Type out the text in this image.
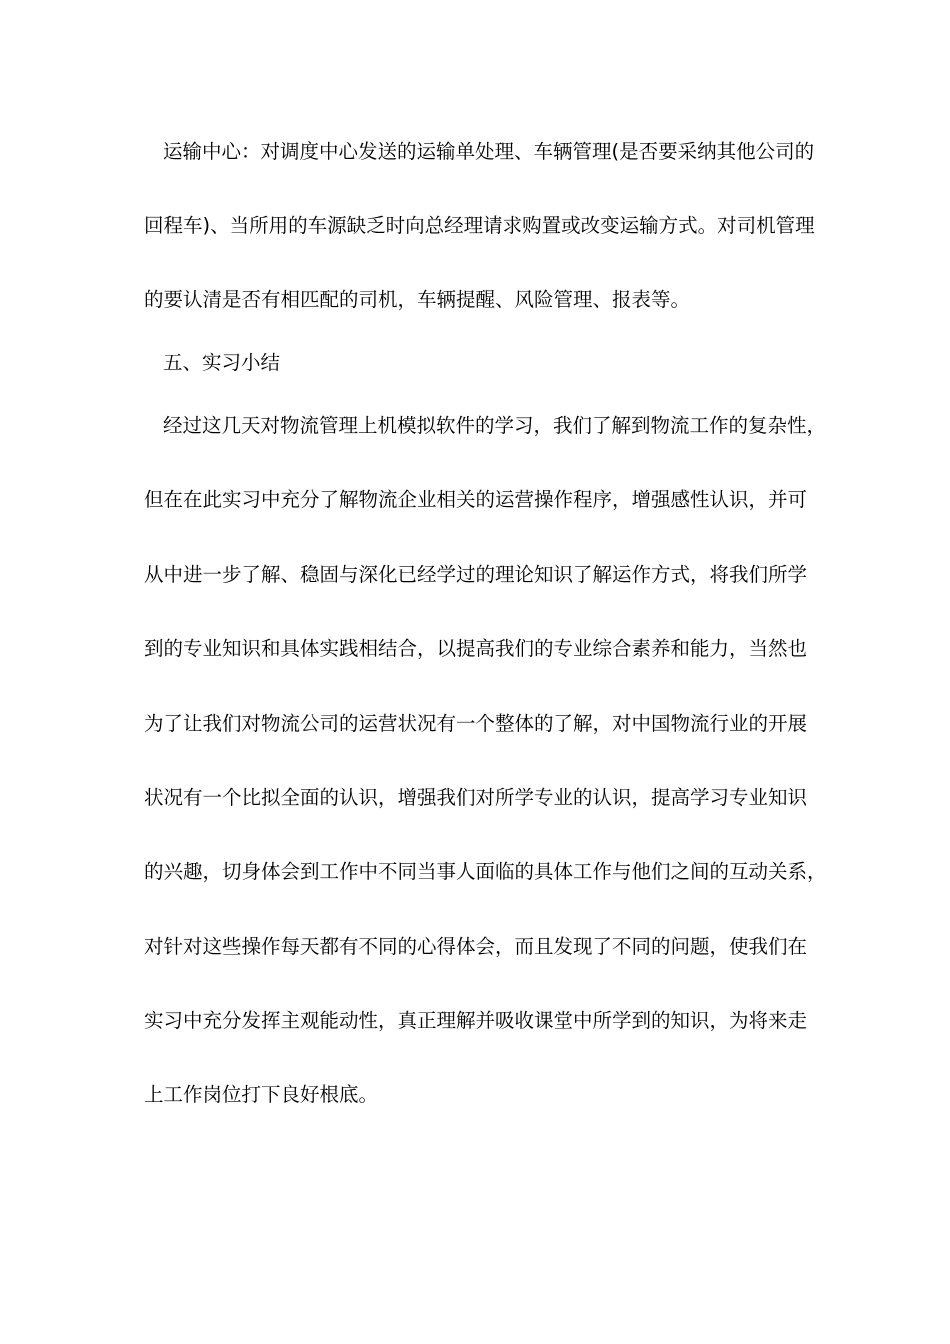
运输中心：对调度中心发送的运输单处理、车辆管理(是否要采纳其他公司的
回程车)、当所用的车源缺乏时向总经理请求购置或改变运输方式。对司机管理
的要认清是否有相匹配的司机，车辆提醒、风险管理、报表等。
五、实习小结
经过这几天对物流管理上机模拟软件的学习，我们了解到物流工作的复杂性，
但在在此实习中充分了解物流企业相关的运营操作程序，增强感性认识，并可
从中进一步了解、稳固与深化已经学过的理论知识了解运作方式，将我们所学
到的专业知识和具体实践相结合，以提高我们的专业综合素养和能力，当然也
为了让我们对物流公司的运营状况有一个整体的了解，对中国物流行业的开展
状况有一个比拟全面的认识，增强我们对所学专业的认识，提高学习专业知识
的兴趣，切身体会到工作中不同当事人面临的具体工作与他们之间的互动关系，
对针对这些操作每天都有不同的心得体会，而且发现了不同的问题，使我们在
实习中充分发挥主观能动性，真正理解并吸收课堂中所学到的知识，为将来走
上工作岗位打下良好根底。
